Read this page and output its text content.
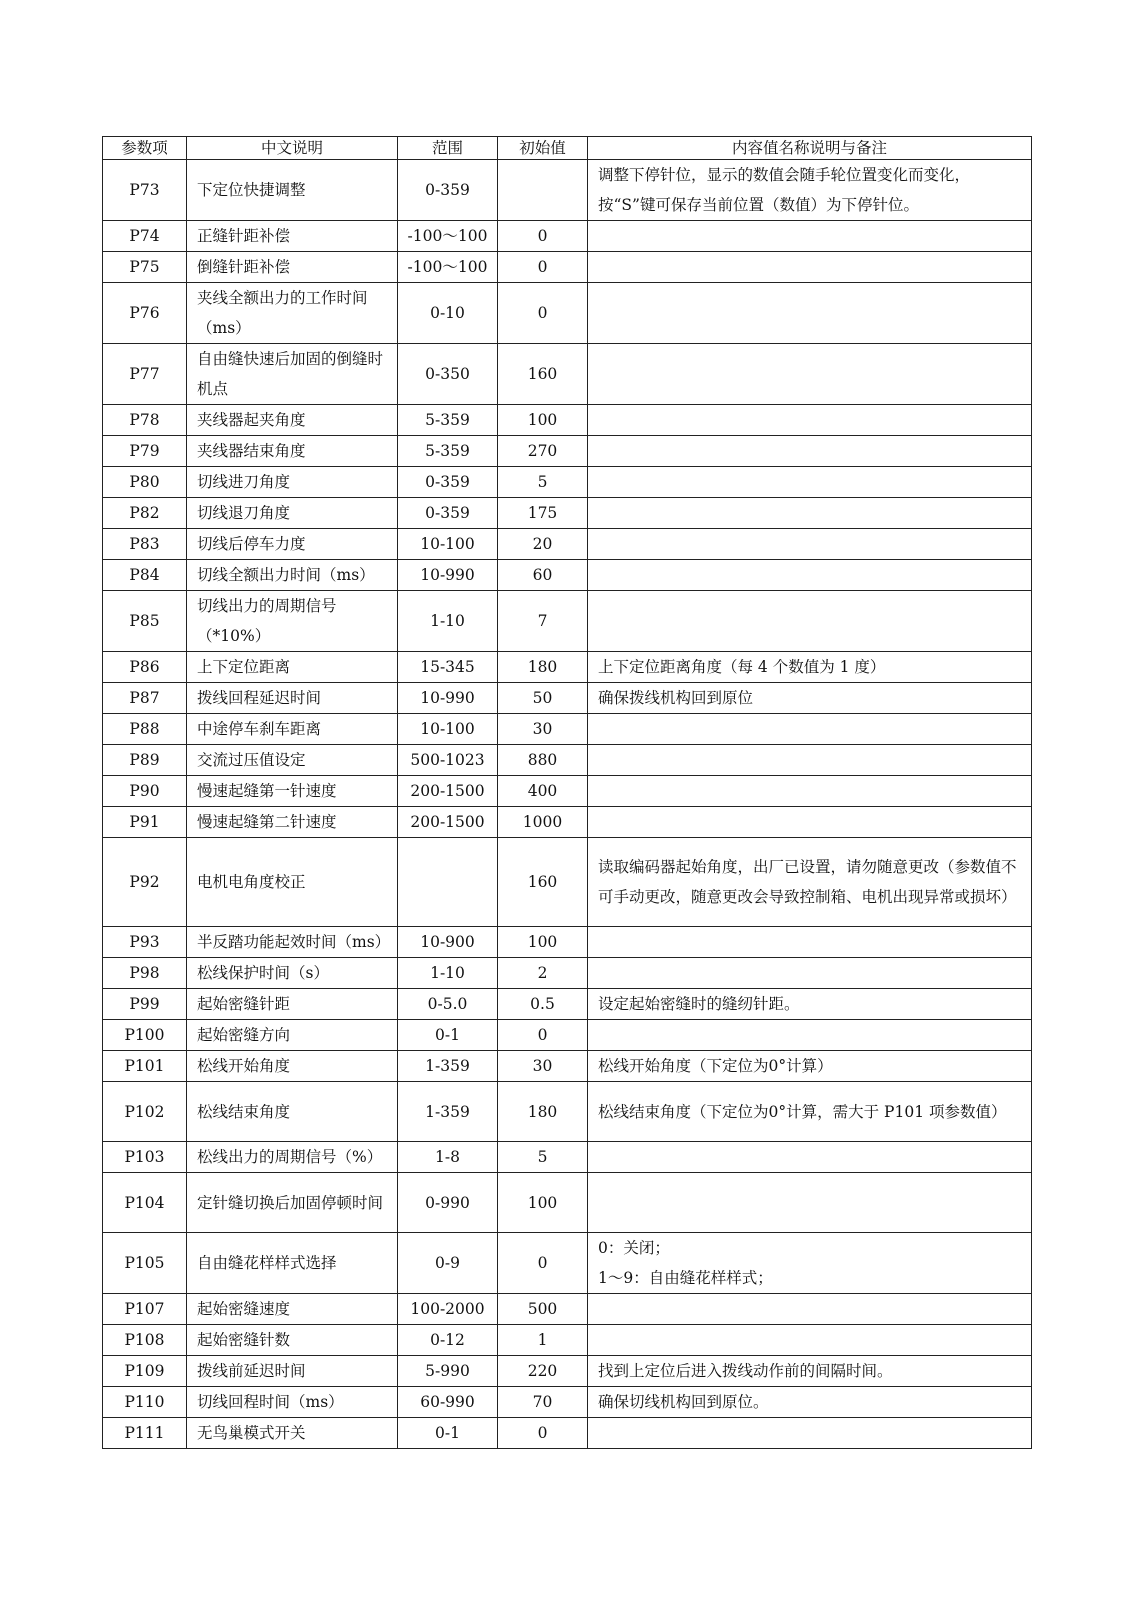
参数项	中文说明	范围	初始值	内容值名称说明与备注
P73	下定位快捷调整	0-359		调整下停针位，显示的数值会随手轮位置变化而变化，按“S”键可保存当前位置（数值）为下停针位。
P74	正缝针距补偿	-100～100	0	
P75	倒缝针距补偿	-100～100	0	
P76	夹线全额出力的工作时间（ms）	0-10	0	
P77	自由缝快速后加固的倒缝时机点	0-350	160	
P78	夹线器起夹角度	5-359	100	
P79	夹线器结束角度	5-359	270	
P80	切线进刀角度	0-359	5	
P82	切线退刀角度	0-359	175	
P83	切线后停车力度	10-100	20	
P84	切线全额出力时间（ms）	10-990	60	
P85	切线出力的周期信号（*10%）	1-10	7	
P86	上下定位距离	15-345	180	上下定位距离角度（每 4 个数值为 1 度）
P87	拨线回程延迟时间	10-990	50	确保拨线机构回到原位
P88	中途停车刹车距离	10-100	30	
P89	交流过压值设定	500-1023	880	
P90	慢速起缝第一针速度	200-1500	400	
P91	慢速起缝第二针速度	200-1500	1000	
P92	电机电角度校正		160	读取编码器起始角度，出厂已设置，请勿随意更改（参数值不可手动更改，随意更改会导致控制箱、电机出现异常或损坏）
P93	半反踏功能起效时间（ms）	10-900	100	
P98	松线保护时间（s）	1-10	2	
P99	起始密缝针距	0-5.0	0.5	设定起始密缝时的缝纫针距。
P100	起始密缝方向	0-1	0	
P101	松线开始角度	1-359	30	松线开始角度（下定位为0°计算）
P102	松线结束角度	1-359	180	松线结束角度（下定位为0°计算，需大于 P101 项参数值）
P103	松线出力的周期信号（%）	1-8	5	
P104	定针缝切换后加固停顿时间	0-990	100	
P105	自由缝花样样式选择	0-9	0	0：关闭；
1～9：自由缝花样样式；
P107	起始密缝速度	100-2000	500	
P108	起始密缝针数	0-12	1	
P109	拨线前延迟时间	5-990	220	找到上定位后进入拨线动作前的间隔时间。
P110	切线回程时间（ms）	60-990	70	确保切线机构回到原位。
P111	无鸟巢模式开关	0-1	0	
